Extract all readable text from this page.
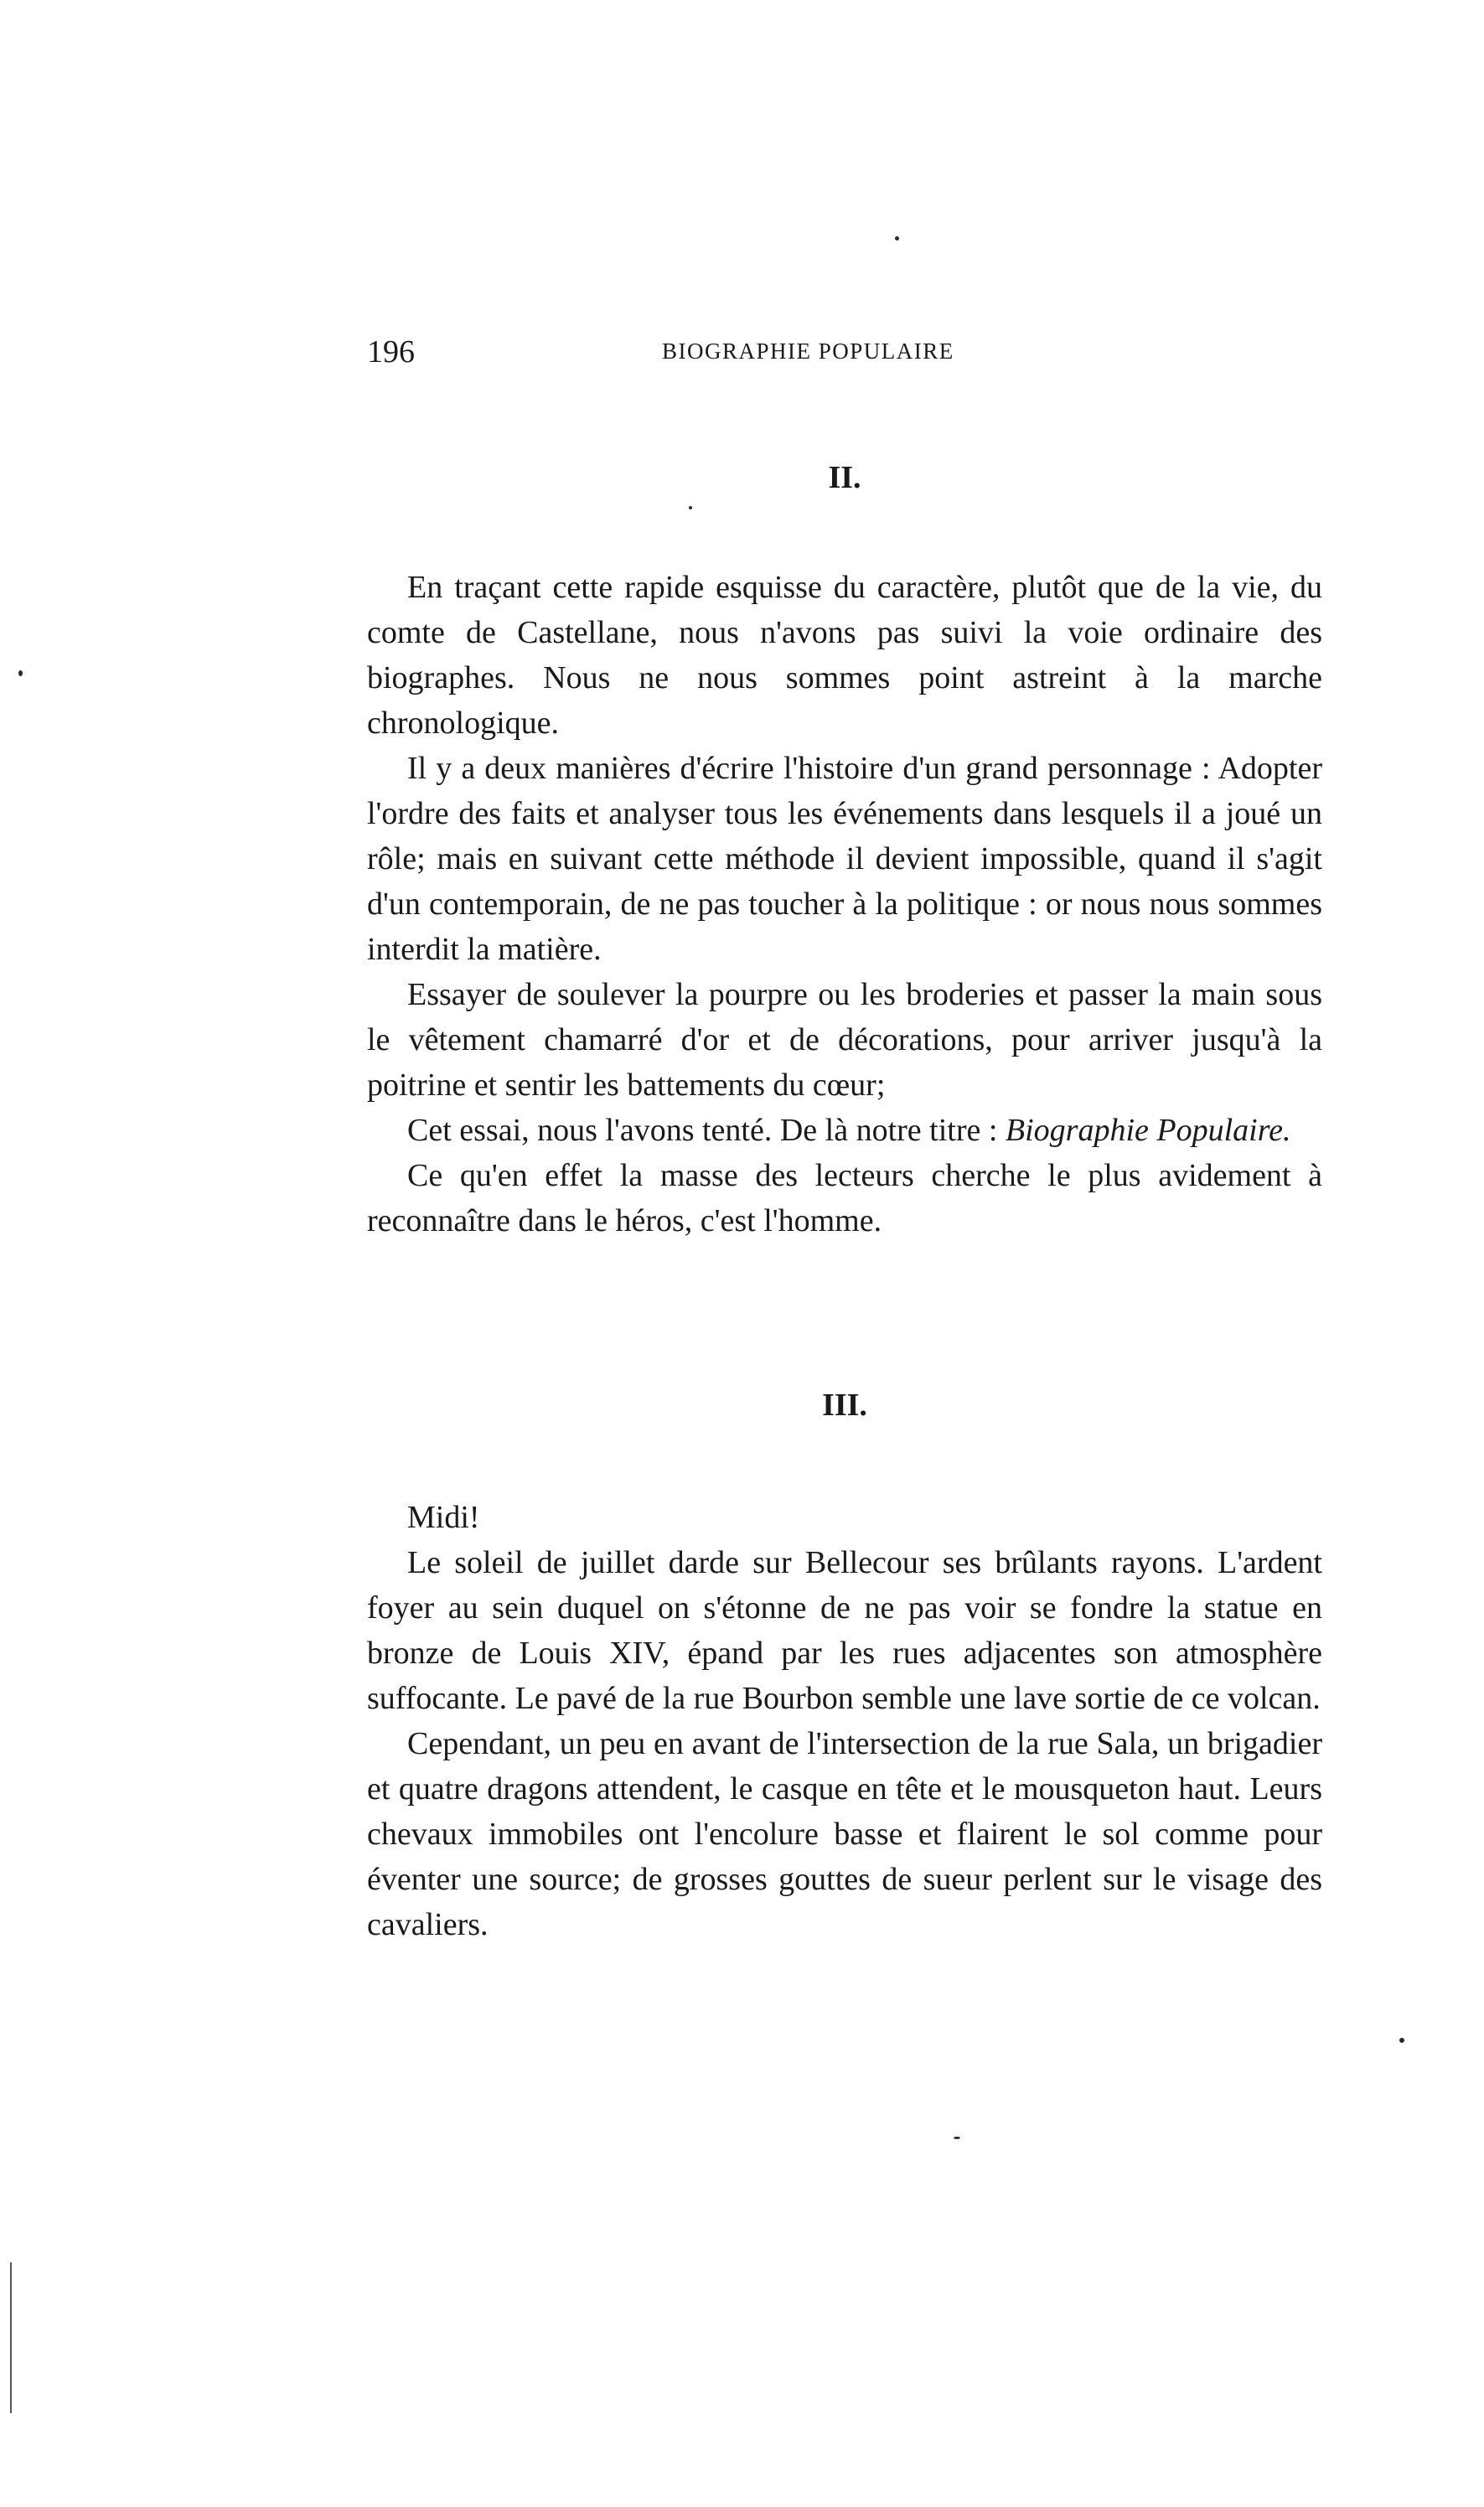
196	BIOGRAPHIE POPULAIRE
II.

En traçant cette rapide esquisse du caractère, plutôt que de la vie, du comte de Castellane, nous n'avons pas suivi la voie ordinaire des biographes. Nous ne nous sommes point astreint à la marche chronologique.

Il y a deux manières d'écrire l'histoire d'un grand personnage : Adopter l'ordre des faits et analyser tous les événements dans lesquels il a joué un rôle; mais en suivant cette méthode il devient impossible, quand il s'agit d'un contemporain, de ne pas toucher à la politique : or nous nous sommes interdit la matière.

Essayer de soulever la pourpre ou les broderies et passer la main sous le vêtement chamarré d'or et de décorations, pour arriver jusqu'à la poitrine et sentir les battements du cœur;

Cet essai, nous l'avons tenté. De là notre titre : Biographie Populaire.

Ce qu'en effet la masse des lecteurs cherche le plus avidement à reconnaître dans le héros, c'est l'homme.

III.

Midi!

Le soleil de juillet darde sur Bellecour ses brûlants rayons. L'ardent foyer au sein duquel on s'étonne de ne pas voir se fondre la statue en bronze de Louis XIV, épand par les rues adjacentes son atmosphère suffocante. Le pavé de la rue Bourbon semble une lave sortie de ce volcan.

Cependant, un peu en avant de l'intersection de la rue Sala, un brigadier et quatre dragons attendent, le casque en tête et le mousqueton haut. Leurs chevaux immobiles ont l'encolure basse et flairent le sol comme pour éventer une source; de grosses gouttes de sueur perlent sur le visage des cavaliers.
